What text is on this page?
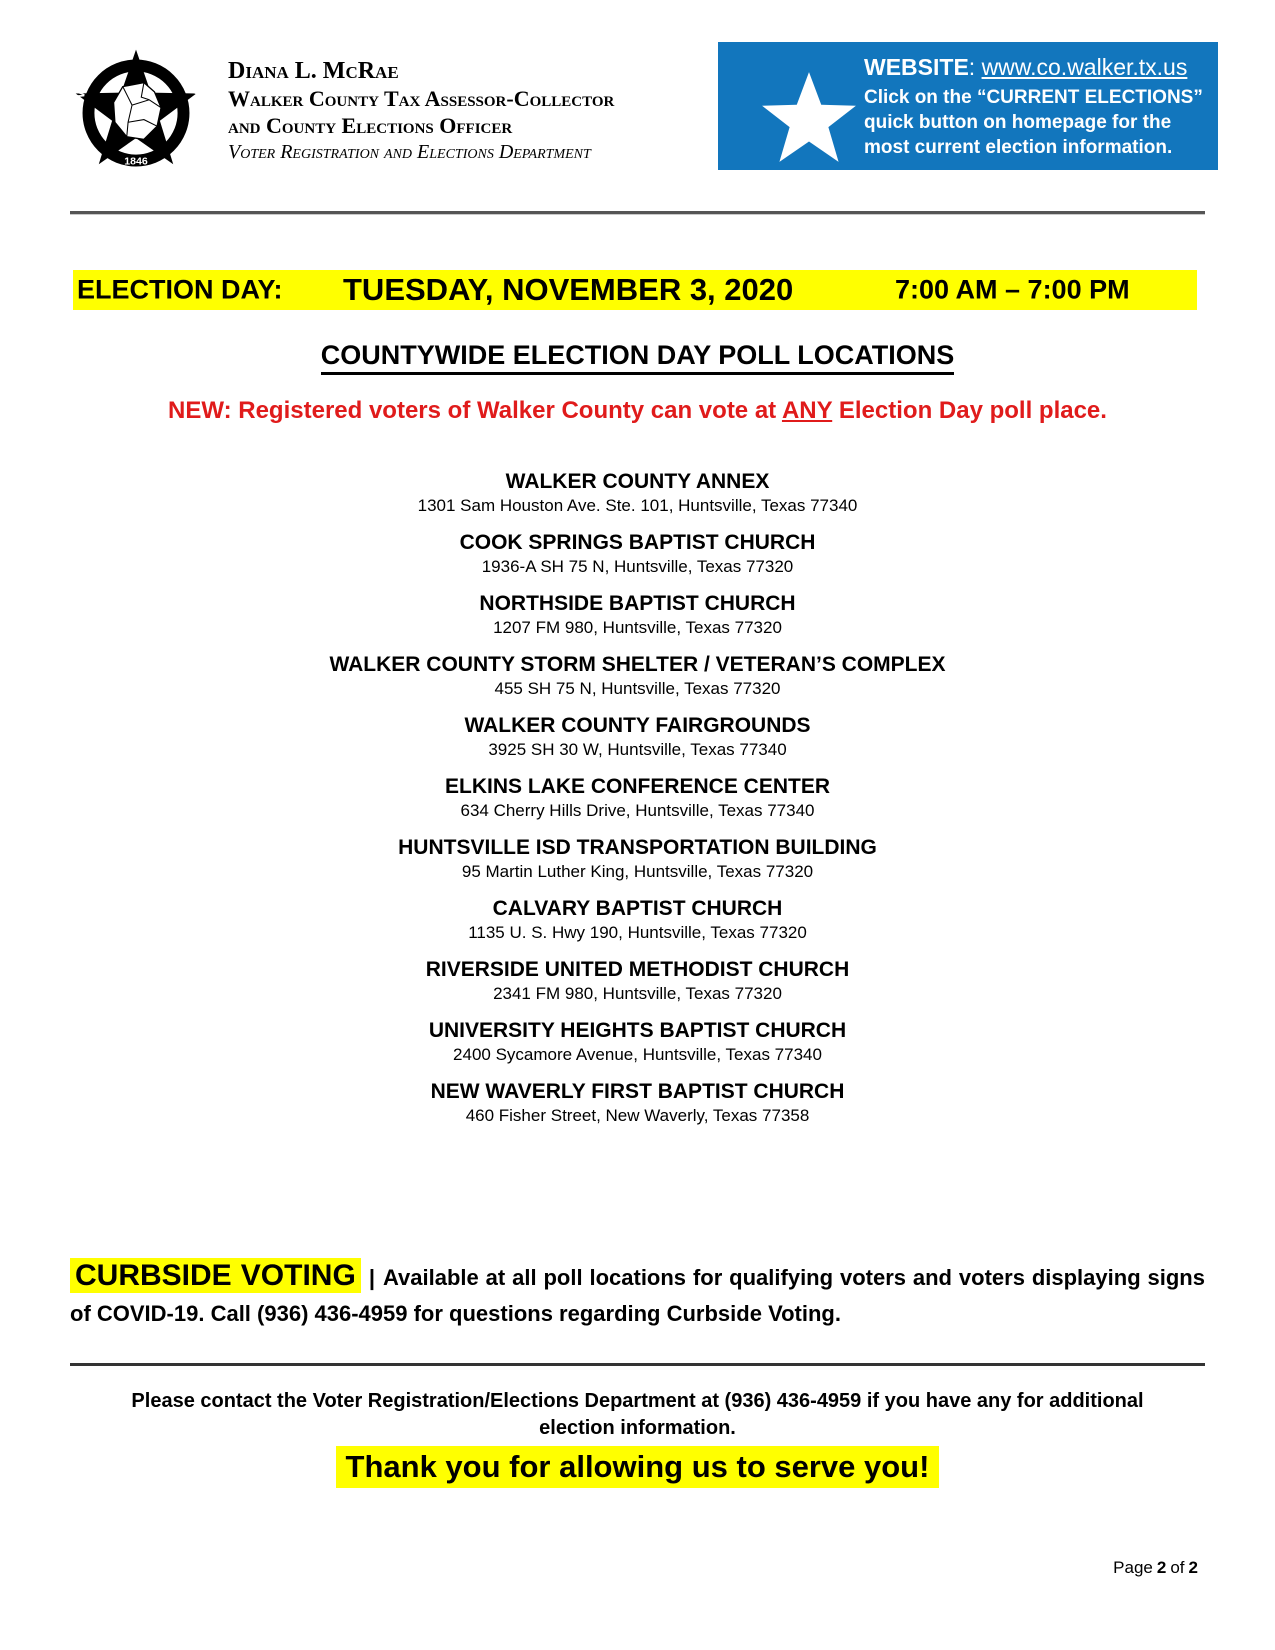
WALKER COUNTY
1846
Diana L. McRae
Walker County Tax Assessor-Collector
and County Elections Officer
Voter Registration and Elections Department
WEBSITE: www.co.walker.tx.us
Click on the “CURRENT ELECTIONS” quick button on homepage for the most current election information.
ELECTION DAY: TUESDAY, NOVEMBER 3, 2020	7:00 AM – 7:00 PM
COUNTYWIDE ELECTION DAY POLL LOCATIONS
NEW: Registered voters of Walker County can vote at ANY Election Day poll place.
WALKER COUNTY ANNEX
1301 Sam Houston Ave. Ste. 101, Huntsville, Texas 77340
COOK SPRINGS BAPTIST CHURCH
1936-A SH 75 N, Huntsville, Texas 77320
NORTHSIDE BAPTIST CHURCH
1207 FM 980, Huntsville, Texas 77320
WALKER COUNTY STORM SHELTER / VETERAN’S COMPLEX
455 SH 75 N, Huntsville, Texas 77320
WALKER COUNTY FAIRGROUNDS
3925 SH 30 W, Huntsville, Texas 77340
ELKINS LAKE CONFERENCE CENTER
634 Cherry Hills Drive, Huntsville, Texas 77340
HUNTSVILLE ISD TRANSPORTATION BUILDING
95 Martin Luther King, Huntsville, Texas 77320
CALVARY BAPTIST CHURCH
1135 U. S. Hwy 190, Huntsville, Texas 77320
RIVERSIDE UNITED METHODIST CHURCH
2341 FM 980, Huntsville, Texas 77320
UNIVERSITY HEIGHTS BAPTIST CHURCH
2400 Sycamore Avenue, Huntsville, Texas 77340
NEW WAVERLY FIRST BAPTIST CHURCH
460 Fisher Street, New Waverly, Texas 77358
CURBSIDE VOTING | Available at all poll locations for qualifying voters and voters displaying signs of COVID-19. Call (936) 436-4959 for questions regarding Curbside Voting.
Please contact the Voter Registration/Elections Department at (936) 436-4959 if you have any for additional election information.
Thank you for allowing us to serve you!
Page 2 of 2
